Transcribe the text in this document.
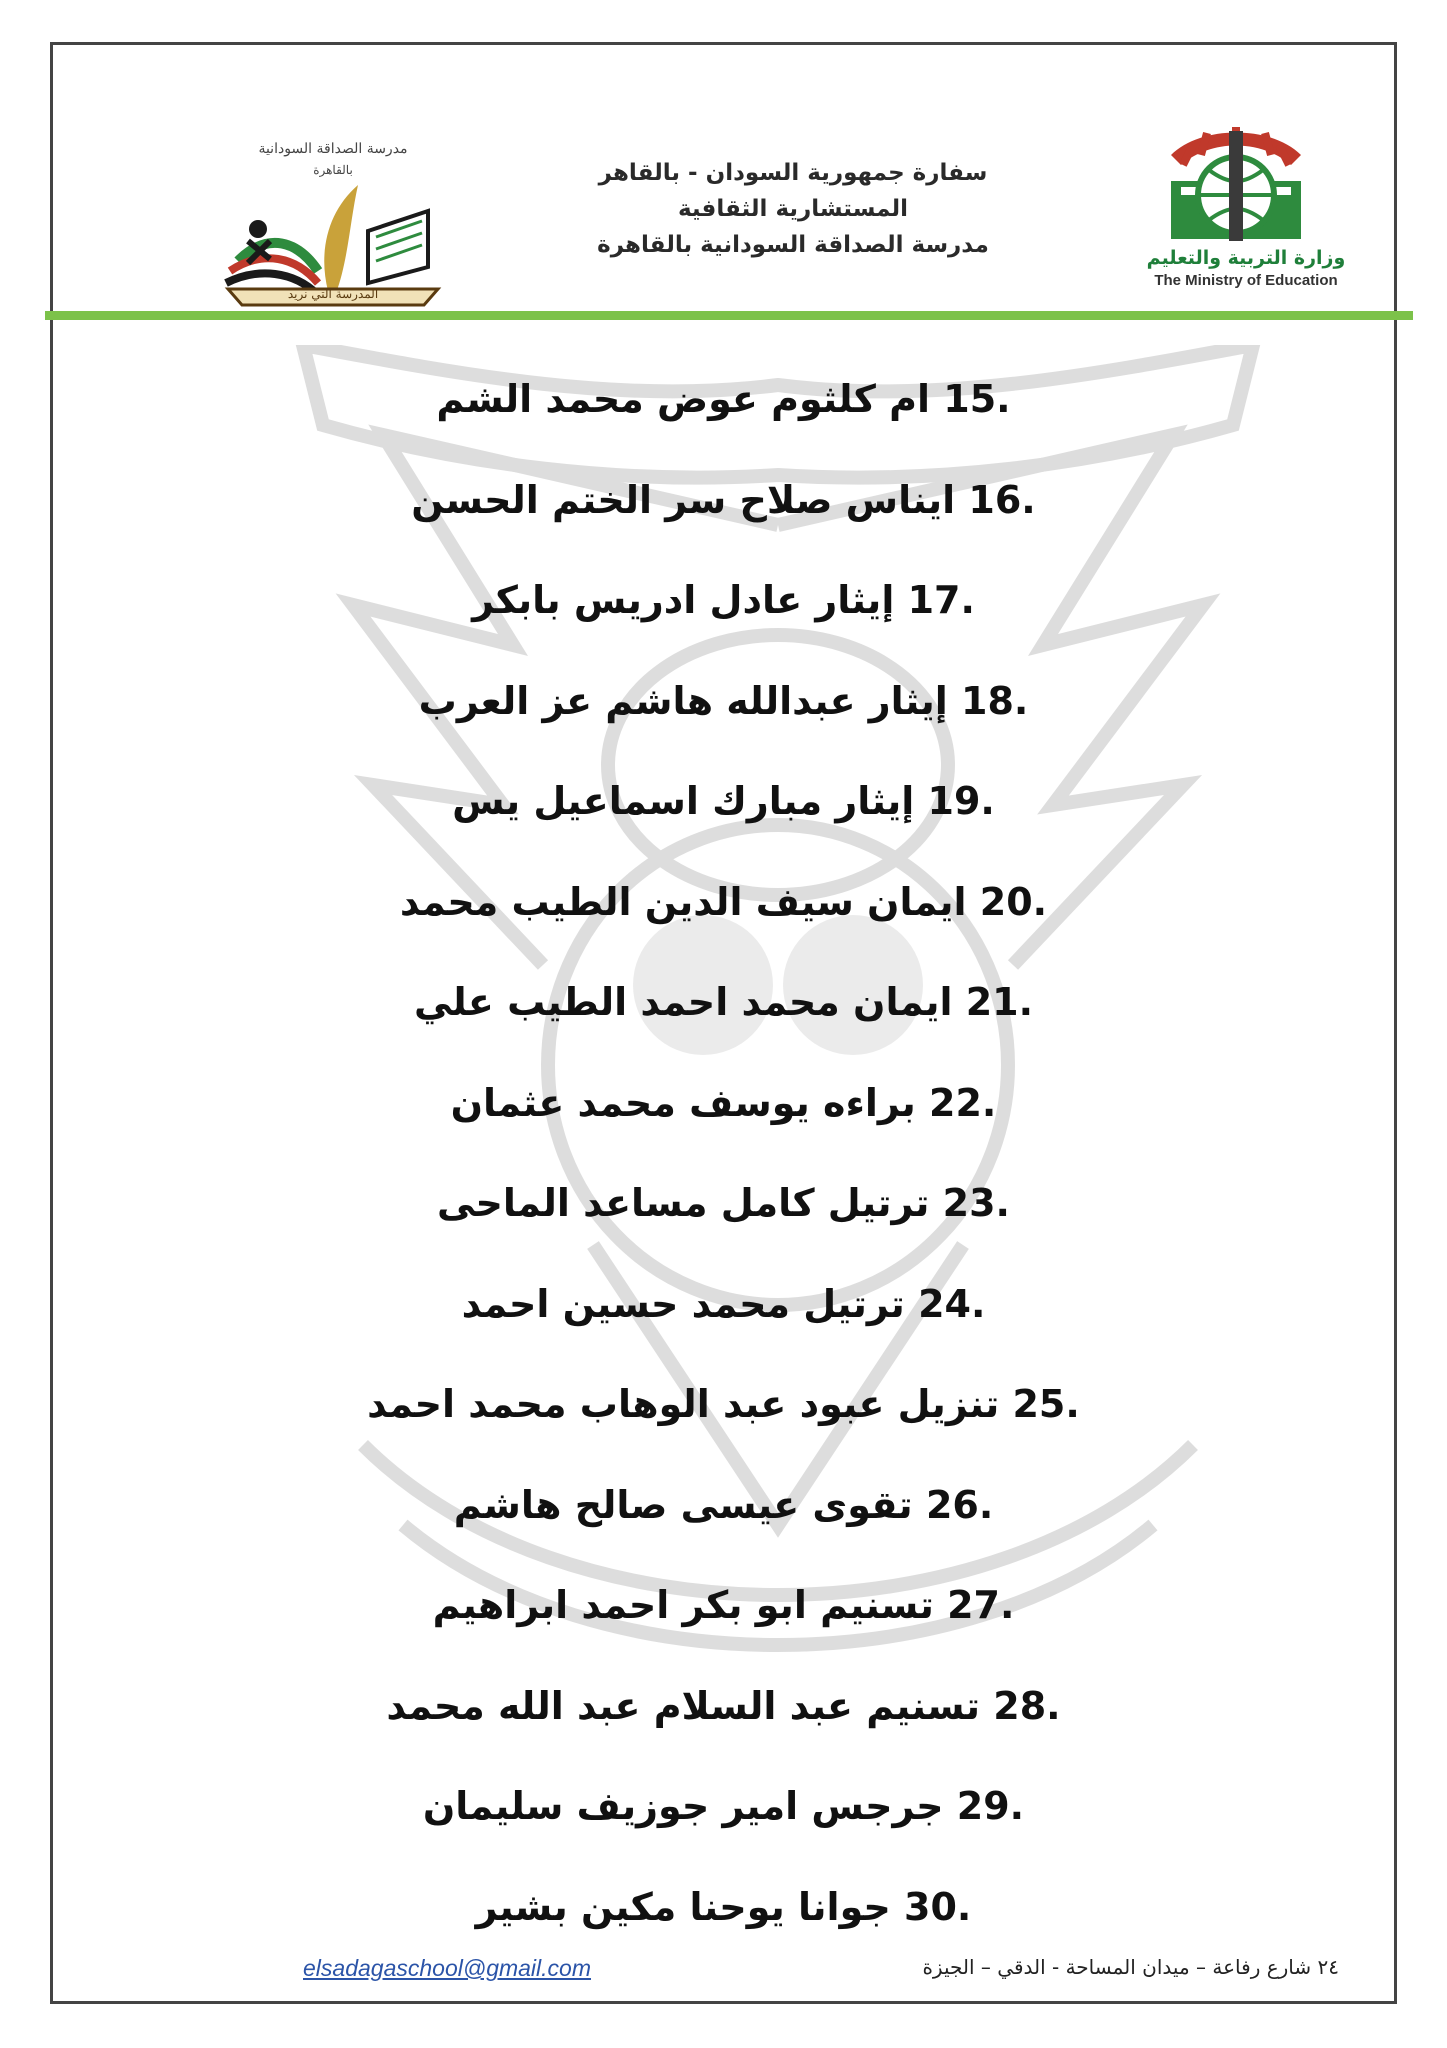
وزارة التربية والتعليم
The Ministry of Education
سفارة جمهورية السودان - بالقاهر
المستشارية الثقافية
مدرسة الصداقة السودانية بالقاهرة
مدرسة الصداقة السودانية
بالقاهرة
المدرسة التي نريد
15. ام كلثوم عوض محمد الشم
16. ايناس صلاح سر الختم الحسن
17. إيثار عادل ادريس بابكر
18. إيثار عبدالله هاشم عز العرب
19. إيثار مبارك اسماعيل يس
20. ايمان سيف الدين الطيب محمد
21. ايمان محمد احمد الطيب علي
22. براءه يوسف محمد عثمان
23. ترتيل كامل مساعد الماحى
24. ترتيل محمد حسين احمد
25. تنزيل عبود عبد الوهاب محمد احمد
26. تقوى عيسى صالح هاشم
27. تسنيم ابو بكر احمد ابراهيم
28. تسنيم عبد السلام عبد الله محمد
29. جرجس امير جوزيف سليمان
30. جوانا يوحنا مكين بشير
elsadagaschool@gmail.com	٢٤ شارع رفاعة – ميدان المساحة - الدقي – الجيزة
